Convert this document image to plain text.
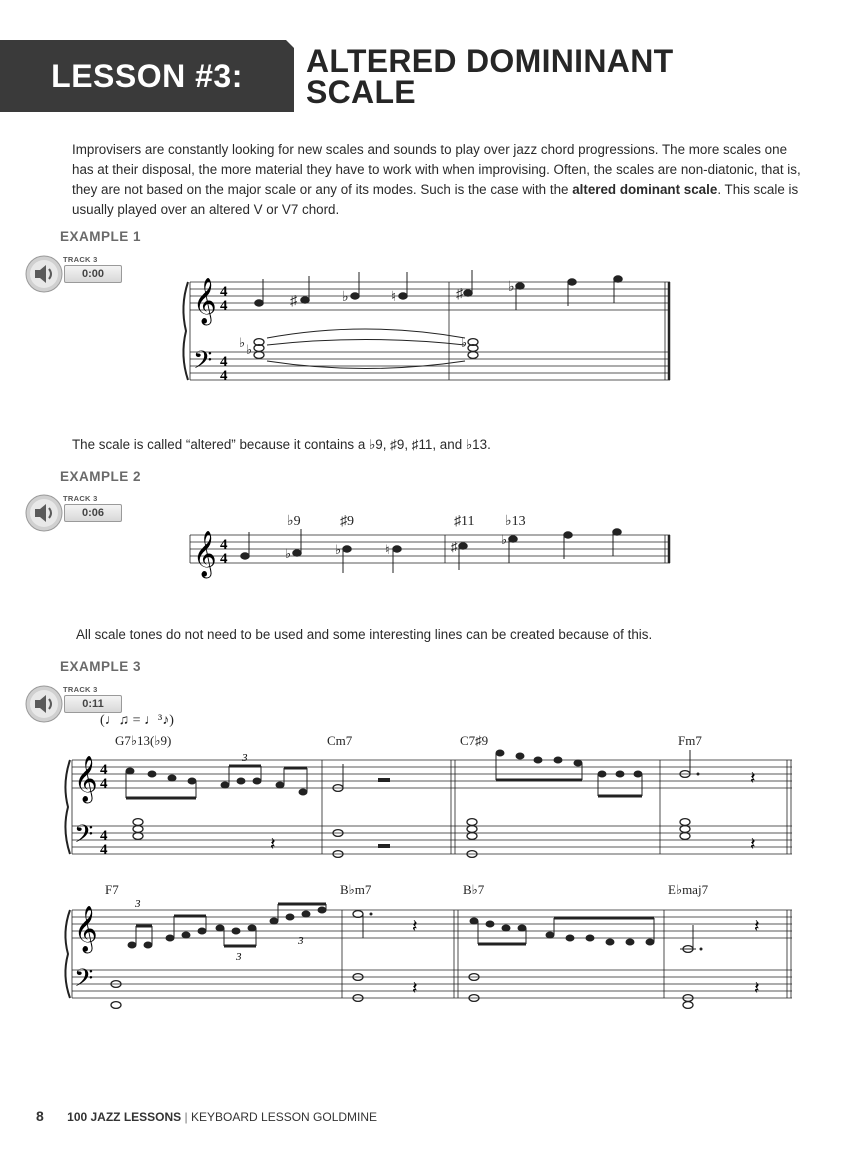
LESSON #3:	ALTERED DOMININANT
SCALE
Improvisers are constantly looking for new scales and sounds to play over jazz chord progressions. The more scales one has at their disposal, the more material they have to work with when improvising. Often, the scales are non-diatonic, that is, they are not based on the major scale or any of its modes. Such is the case with the altered dominant scale. This scale is usually played over an altered V or V7 chord.
EXAMPLE 1
TRACK 3
0:00
𝄞
𝄢
4
4
4
4
♯	♭	♮	♯	♭
♭ ♭	♭
The scale is called “altered” because it contains a ♭9, ♯9, ♯11, and ♭13.
EXAMPLE 2
TRACK 3
0:06
♭9	♯9	♯11 ♭13
𝄞 4
4	♭	♭	♮	♯	♭
All scale tones do not need to be used and some interesting lines can be created because of this.
EXAMPLE 3
TRACK 3
0:11
(♩♫ = ♩³♪)
G7♭13(♭9)	Cm7	C7♯9	Fm7
𝄞
𝄢
4
4
4
4
3
𝄽
𝄽
𝄽
F7	B♭m7	B♭7	E♭maj7
𝄞
𝄢
3
3
3
𝄽
𝄽
𝄽
𝄽
8 100 JAZZ LESSONS | KEYBOARD LESSON GOLDMINE
